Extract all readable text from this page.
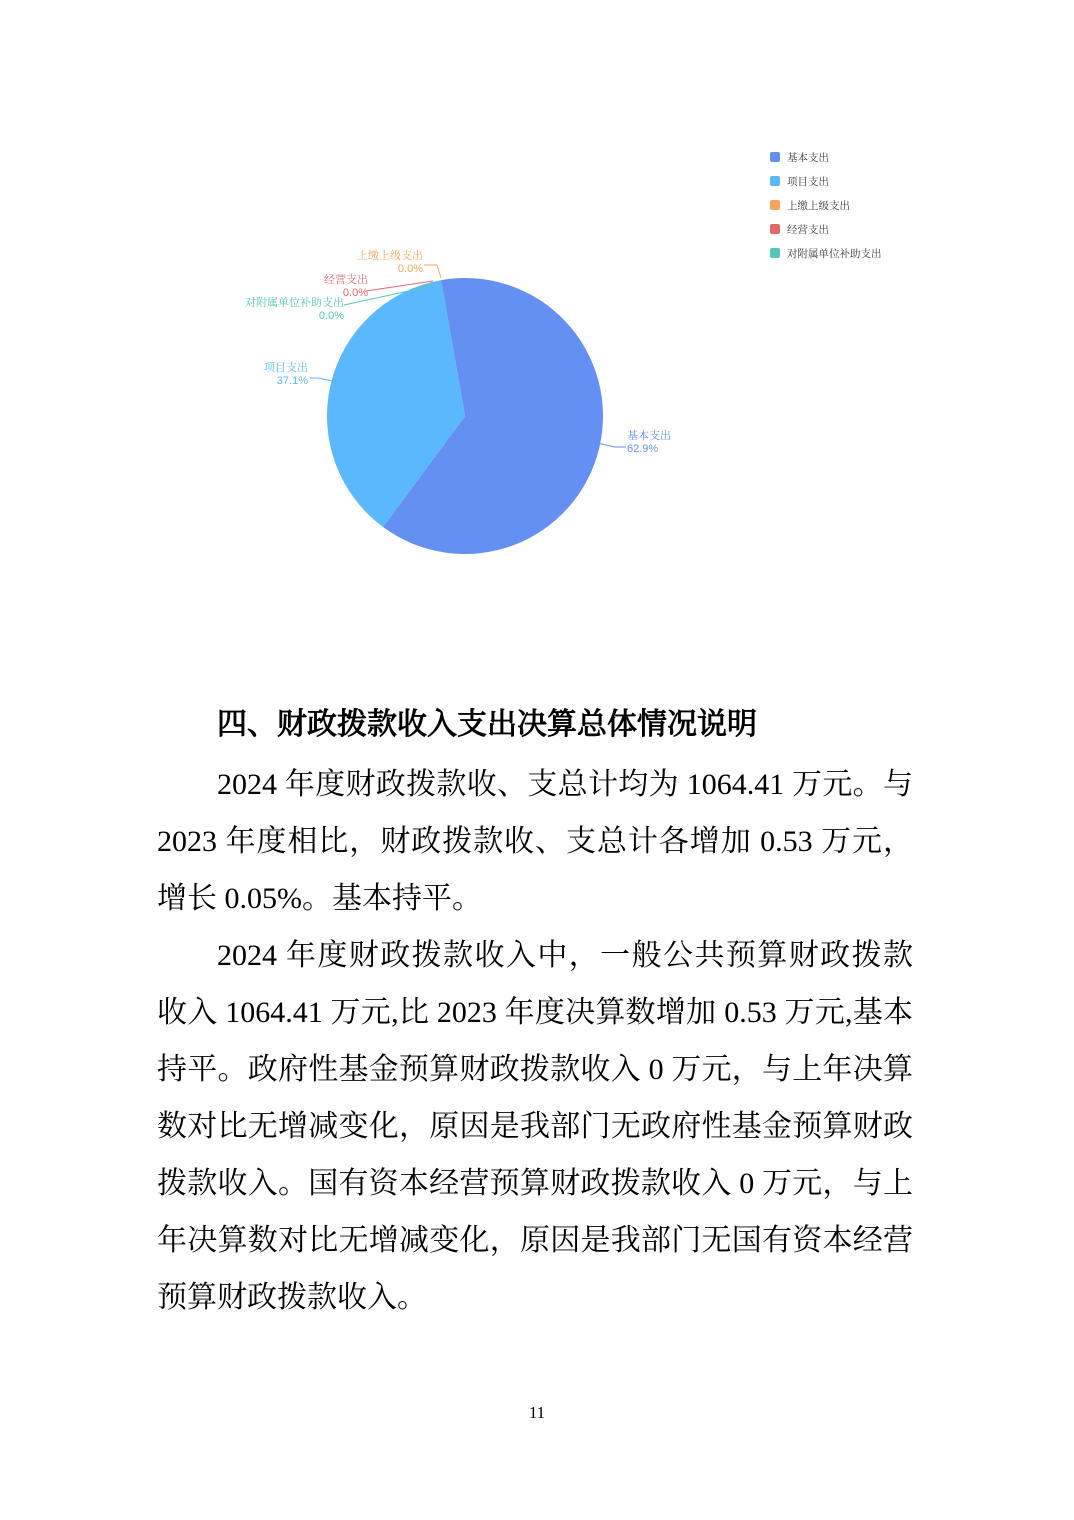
基本支出
62.9%
项目支出
37.1%
上缴上级支出
0.0%
经营支出
0.0%
对附属单位补助支出
0.0%
基本支出
项目支出
上缴上级支出
经营支出
对附属单位补助支出
四、财政拨款收入支出决算总体情况说明

2024 年度财政拨款收、支总计均为 1064.41 万元。与 2023 年度相比，财政拨款收、支总计各增加 0.53 万元，增长 0.05%。基本持平。

2024 年度财政拨款收入中，一般公共预算财政拨款收入 1064.41 万元,比 2023 年度决算数增加 0.53 万元,基本持平。政府性基金预算财政拨款收入 0 万元，与上年决算数对比无增减变化，原因是我部门无政府性基金预算财政拨款收入。国有资本经营预算财政拨款收入 0 万元，与上年决算数对比无增减变化，原因是我部门无国有资本经营预算财政拨款收入。

11
